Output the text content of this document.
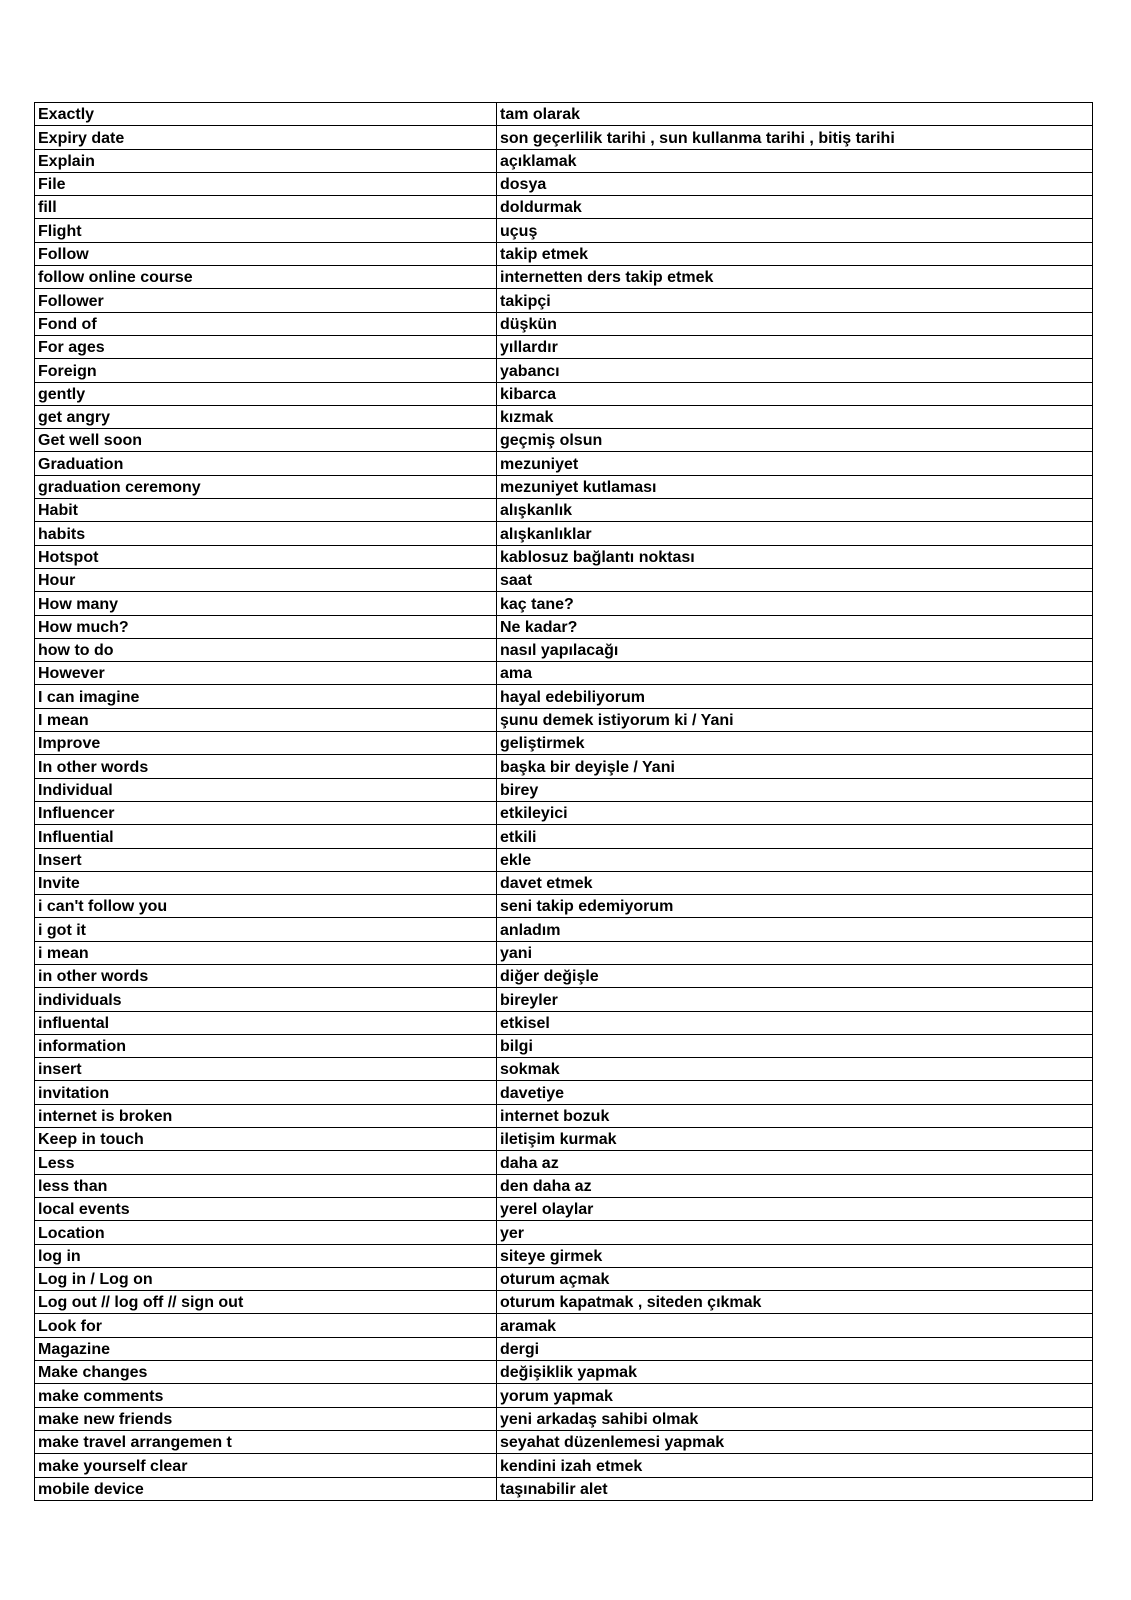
Exactly	tam olarak
Expiry date	son geçerlilik tarihi , sun kullanma tarihi , bitiş tarihi
Explain	açıklamak
File	dosya
fill	doldurmak
Flight	uçuş
Follow	takip etmek
follow online course	internetten ders takip etmek
Follower	takipçi
Fond of	düşkün
For ages	yıllardır
Foreign	yabancı
gently	kibarca
get angry	kızmak
Get well soon	geçmiş olsun
Graduation	mezuniyet
graduation ceremony	mezuniyet kutlaması
Habit	alışkanlık
habits	alışkanlıklar
Hotspot	kablosuz bağlantı noktası
Hour	saat
How many	kaç tane?
How much?	Ne kadar?
how to do	nasıl yapılacağı
However	ama
I can imagine	hayal edebiliyorum
I mean	şunu demek istiyorum ki / Yani
Improve	geliştirmek
In other words	başka bir deyişle / Yani
Individual	birey
Influencer	etkileyici
Influential	etkili
Insert	ekle
Invite	davet etmek
i can't follow you	seni takip edemiyorum
i got it	anladım
i mean	yani
in other words	diğer değişle
individuals	bireyler
influental	etkisel
information	bilgi
insert	sokmak
invitation	davetiye
internet is broken	internet bozuk
Keep in touch	iletişim kurmak
Less	daha az
less than	den daha az
local events	yerel olaylar
Location	yer
log in	siteye girmek
Log in / Log on	oturum açmak
Log out // log off // sign out	oturum kapatmak , siteden çıkmak
Look for	aramak
Magazine	dergi
Make changes	değişiklik yapmak
make comments	yorum yapmak
make new friends	yeni arkadaş sahibi olmak
make travel arrangemen t	seyahat düzenlemesi yapmak
make yourself clear	kendini izah etmek
mobile device	taşınabilir alet
